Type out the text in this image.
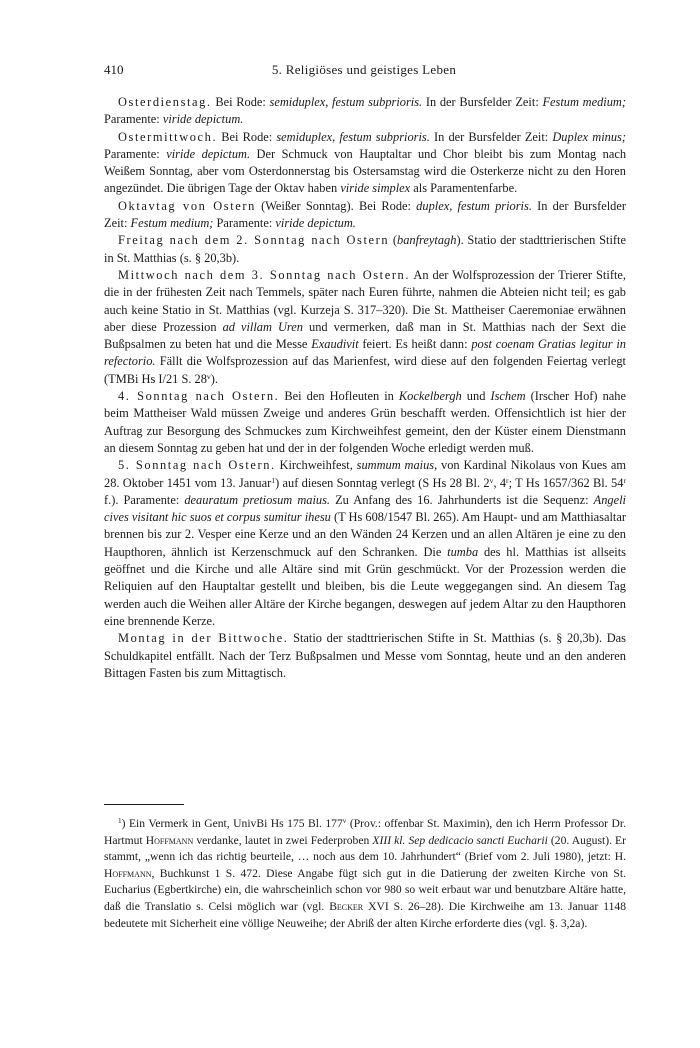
410	5. Religiöses und geistiges Leben

Osterdienstag. Bei Rode: semiduplex, festum subprioris. In der Bursfelder Zeit: Festum medium; Paramente: viride depictum.

Ostermittwoch. Bei Rode: semiduplex, festum subprioris. In der Bursfelder Zeit: Duplex minus; Paramente: viride depictum. Der Schmuck von Hauptaltar und Chor bleibt bis zum Montag nach Weißem Sonntag, aber vom Osterdonnerstag bis Ostersamstag wird die Osterkerze nicht zu den Horen angezündet. Die übrigen Tage der Oktav haben viride simplex als Paramentenfarbe.

Oktavtag von Ostern (Weißer Sonntag). Bei Rode: duplex, festum prioris. In der Bursfelder Zeit: Festum medium; Paramente: viride depictum.

Freitag nach dem 2. Sonntag nach Ostern (banfreytagh). Statio der stadttrierischen Stifte in St. Matthias (s. § 20,3b).

Mittwoch nach dem 3. Sonntag nach Ostern. An der Wolfsprozession der Trierer Stifte, die in der frühesten Zeit nach Temmels, später nach Euren führte, nahmen die Abteien nicht teil; es gab auch keine Statio in St. Matthias (vgl. Kurzeja S. 317–320). Die St. Mattheiser Caeremoniae erwähnen aber diese Prozession ad villam Uren und vermerken, daß man in St. Matthias nach der Sext die Bußpsalmen zu beten hat und die Messe Exaudivit feiert. Es heißt dann: post coenam Gratias legitur in refectorio. Fällt die Wolfsprozession auf das Marienfest, wird diese auf den folgenden Feiertag verlegt (TMBi Hs I/21 S. 28$^v$).

4. Sonntag nach Ostern. Bei den Hofleuten in Kockelbergh und Ischem (Irscher Hof) nahe beim Mattheiser Wald müssen Zweige und anderes Grün beschafft werden. Offensichtlich ist hier der Auftrag zur Besorgung des Schmuckes zum Kirchweihfest gemeint, den der Küster einem Dienstmann an diesem Sonntag zu geben hat und der in der folgenden Woche erledigt werden muß.

5. Sonntag nach Ostern. Kirchweihfest, summum maius, von Kardinal Nikolaus von Kues am 28. Oktober 1451 vom 13. Januar$^1$) auf diesen Sonntag verlegt (S Hs 28 Bl. 2$^v$, 4$^r$; T Hs 1657/362 Bl. 54$^r$ f.). Paramente: deauratum pretiosum maius. Zu Anfang des 16. Jahrhunderts ist die Sequenz: Angeli cives visitant hic suos et corpus sumitur ihesu (T Hs 608/1547 Bl. 265). Am Haupt- und am Matthiasaltar brennen bis zur 2. Vesper eine Kerze und an den Wänden 24 Kerzen und an allen Altären je eine zu den Haupthoren, ähnlich ist Kerzenschmuck auf den Schranken. Die tumba des hl. Matthias ist allseits geöffnet und die Kirche und alle Altäre sind mit Grün geschmückt. Vor der Prozession werden die Reliquien auf den Hauptaltar gestellt und bleiben, bis die Leute weggegangen sind. An diesem Tag werden auch die Weihen aller Altäre der Kirche begangen, deswegen auf jedem Altar zu den Haupthoren eine brennende Kerze.

Montag in der Bittwoche. Statio der stadttrierischen Stifte in St. Matthias (s. § 20,3b). Das Schuldkapitel entfällt. Nach der Terz Bußpsalmen und Messe vom Sonntag, heute und an den anderen Bittagen Fasten bis zum Mittagtisch.

$^1$) Ein Vermerk in Gent, UnivBi Hs 175 Bl. 177$^v$ (Prov.: offenbar St. Maximin), den ich Herrn Professor Dr. Hartmut Hoffmann verdanke, lautet in zwei Federproben XIII kl. Sep dedicacio sancti Eucharii (20. August). Er stammt, „wenn ich das richtig beurteile, … noch aus dem 10. Jahrhundert“ (Brief vom 2. Juli 1980), jetzt: H. Hoffmann, Buchkunst 1 S. 472. Diese Angabe fügt sich gut in die Datierung der zweiten Kirche von St. Eucharius (Egbertkirche) ein, die wahrscheinlich schon vor 980 so weit erbaut war und benutzbare Altäre hatte, daß die Translatio s. Celsi möglich war (vgl. Becker XVI S. 26–28). Die Kirchweihe am 13. Januar 1148 bedeutete mit Sicherheit eine völlige Neuweihe; der Abriß der alten Kirche erforderte dies (vgl. §. 3,2a).
